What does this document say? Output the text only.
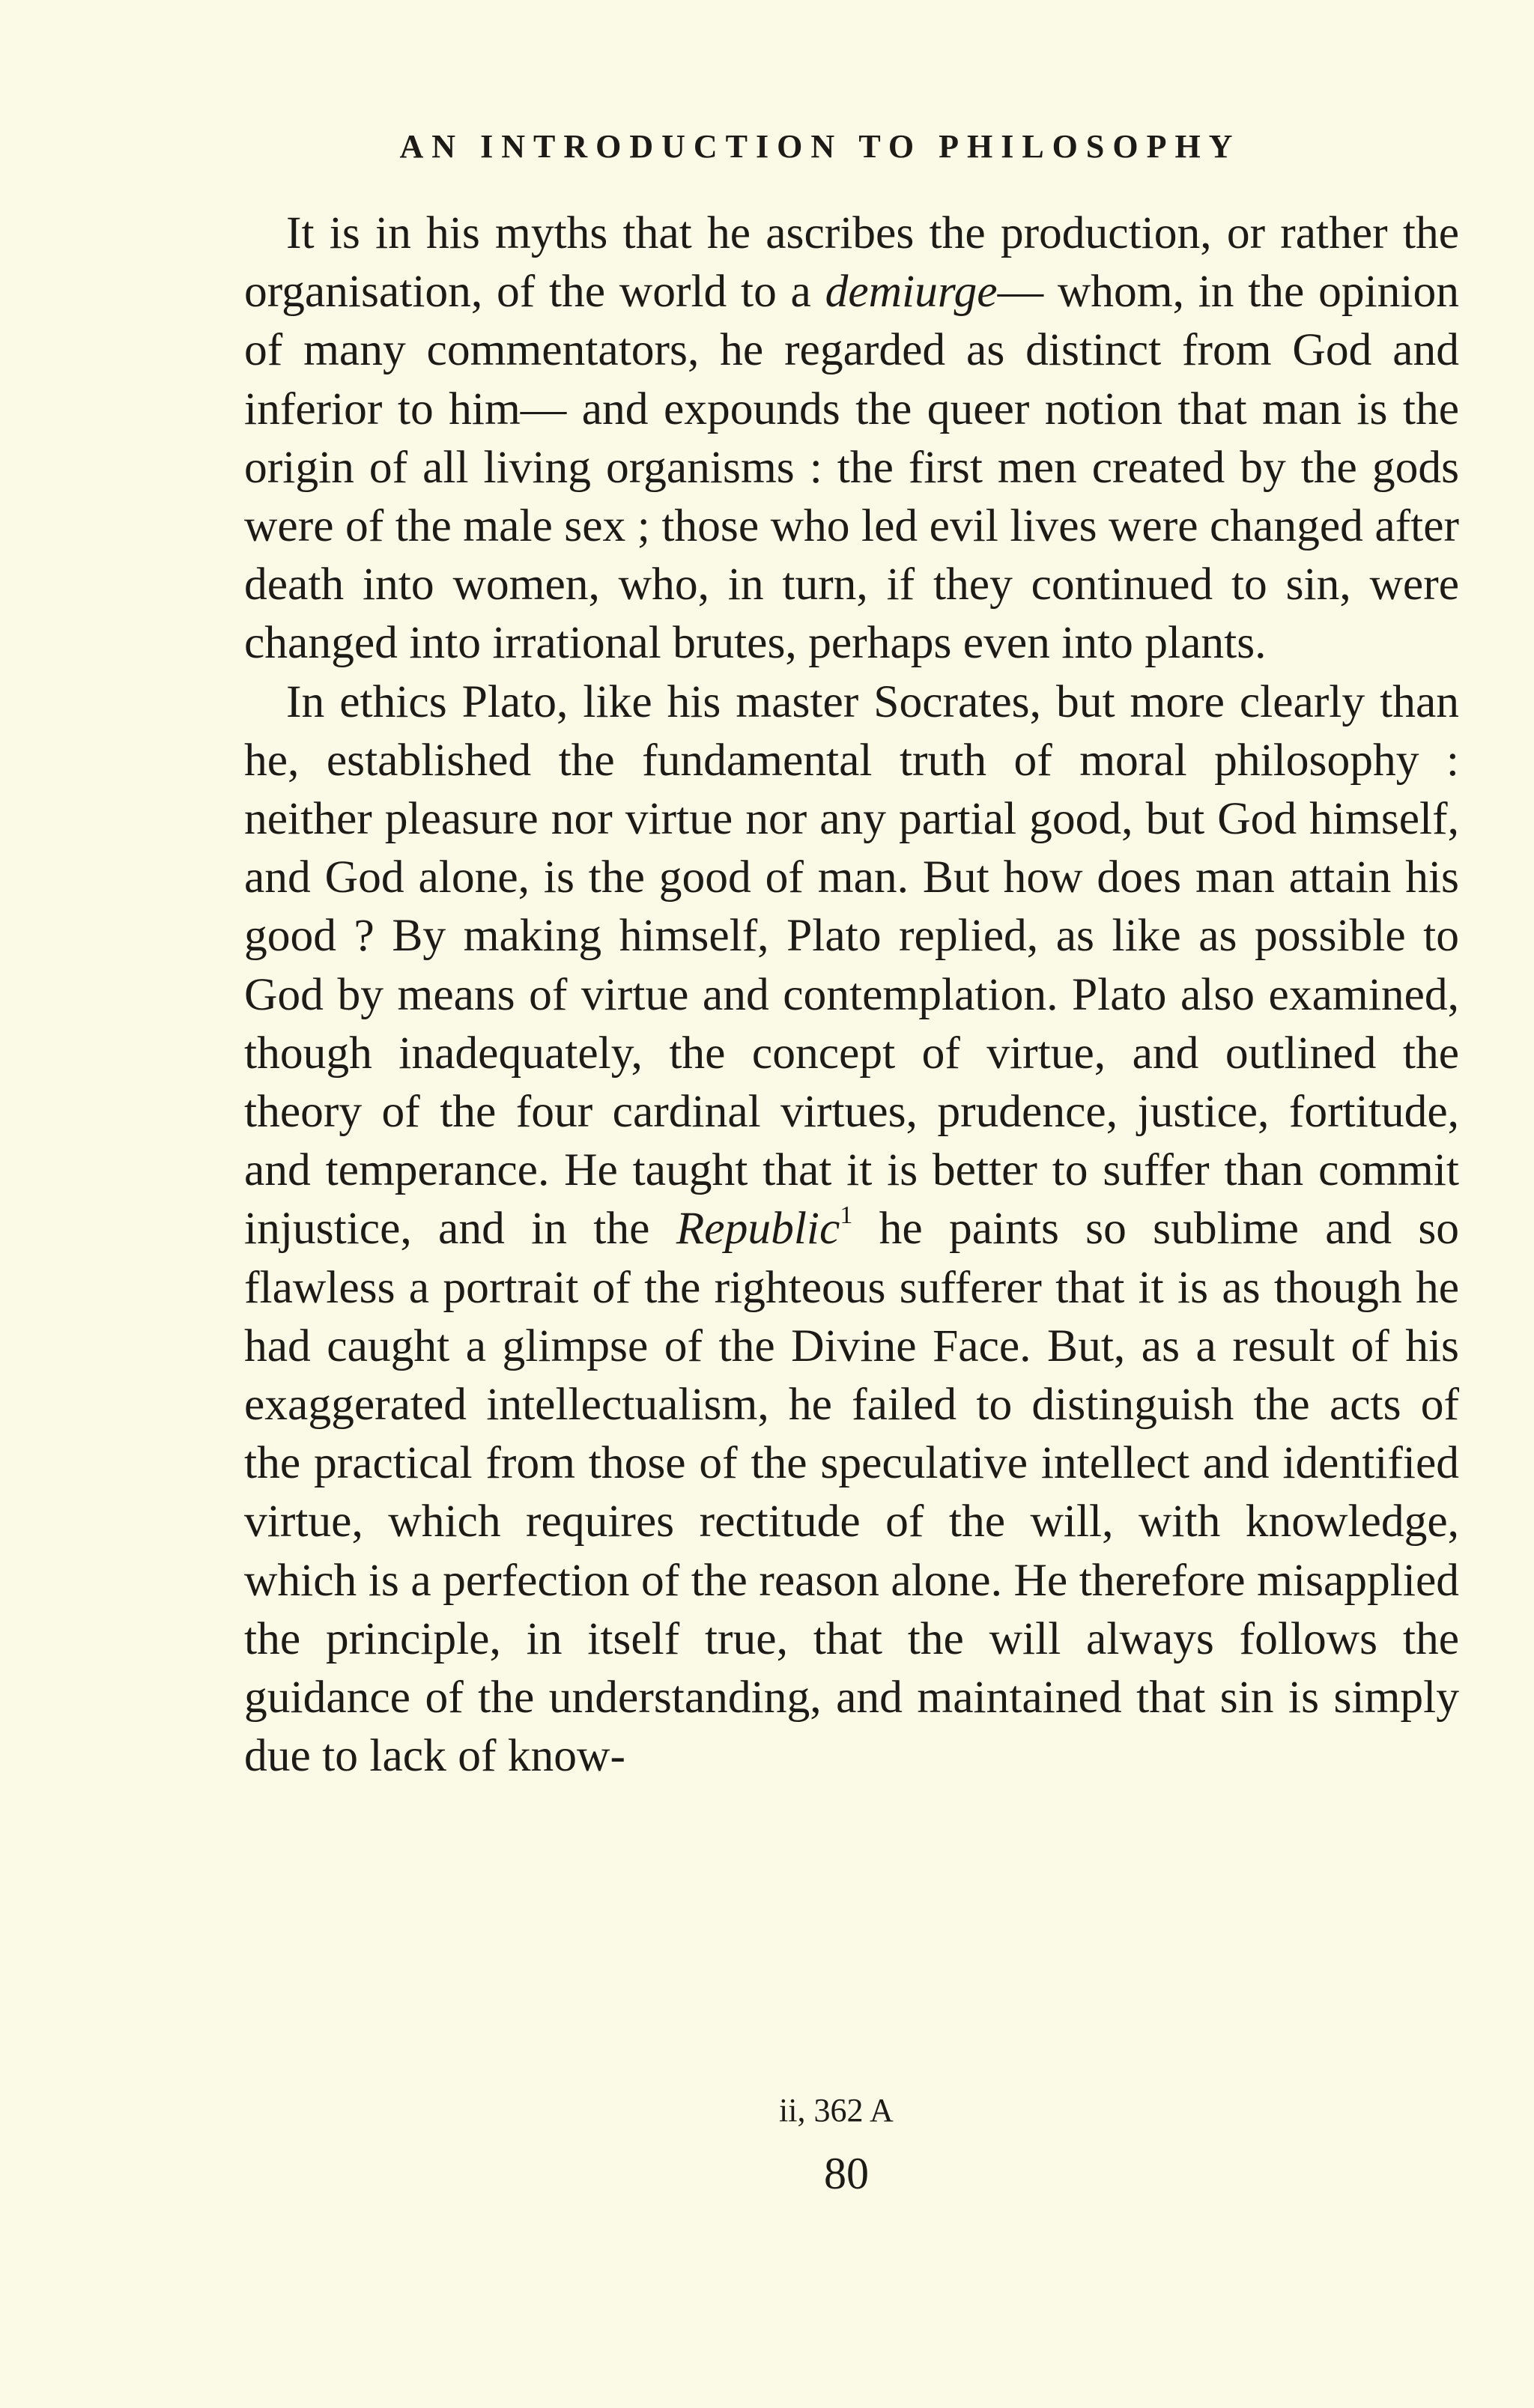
AN INTRODUCTION TO PHILOSOPHY

It is in his myths that he ascribes the production, or rather the organisation, of the world to a demiurge— whom, in the opinion of many commentators, he regarded as distinct from God and inferior to him— and expounds the queer notion that man is the origin of all living organisms : the first men created by the gods were of the male sex ; those who led evil lives were changed after death into women, who, in turn, if they continued to sin, were changed into irrational brutes, perhaps even into plants.

In ethics Plato, like his master Socrates, but more clearly than he, established the fundamental truth of moral philosophy : neither pleasure nor virtue nor any partial good, but God himself, and God alone, is the good of man. But how does man attain his good ? By making himself, Plato replied, as like as possible to God by means of virtue and contemplation. Plato also examined, though inadequately, the concept of virtue, and outlined the theory of the four cardinal virtues, prudence, justice, fortitude, and temperance. He taught that it is better to suffer than commit injustice, and in the Republic$^1$ he paints so sublime and so flawless a portrait of the righteous sufferer that it is as though he had caught a glimpse of the Divine Face. But, as a result of his exaggerated intellectualism, he failed to distinguish the acts of the practical from those of the speculative intellect and identified virtue, which requires rectitude of the will, with knowledge, which is a perfection of the reason alone. He therefore misapplied the principle, in itself true, that the will always follows the guidance of the understanding, and maintained that sin is simply due to lack of know-

ii, 362 A
80
